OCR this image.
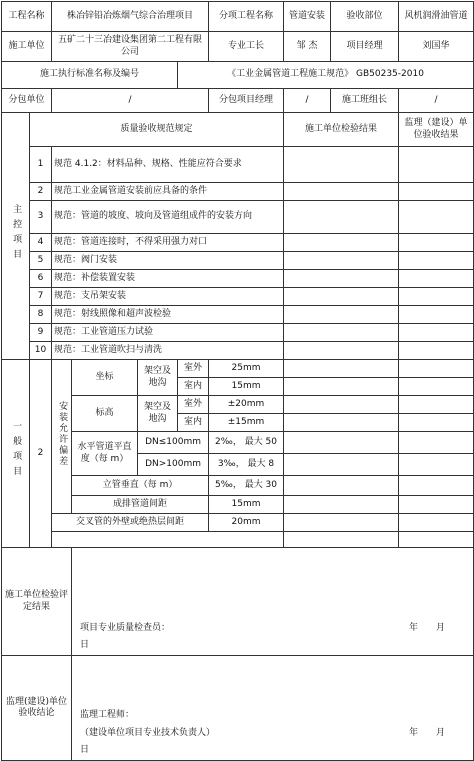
工程名称		株冶锌铅冶炼烟气综合治理项目				分项工程名称	管道安装	验收部位	风机润滑油管道
施工单位		五矿二十三冶建设集团第二工程有限公司				专业工长	邹 杰	项目经理	刘国华
施工执行标准名称及编号					《工业金属管道工程施工规范》 GB50235-2010				
分包单位		/				分包项目经理	/	施工班组长	/
主控项目	质量验收规范规定						施工单位检验结果		监理（建设）单位验收结果
	1	规范 4.1.2：材料品种、规格、性能应符合要求							
	2	规范工业金属管道安装前应具备的条件							
	3	规范：管道的坡度、坡向及管道组成件的安装方向							
	4	规范：管道连接时，不得采用强力对口							
	5	规范：阀门安装							
	6	规范：补偿装置安装							
	7	规范：支吊架安装							
	8	规范：射线照像和超声波检验							
	9	规范：工业管道压力试验							
	10	规范：工业管道吹扫与清洗							
一般项目	2	安装允许偏差	坐标	架空及地沟	室外	25mm			
					室内	15mm			
			标高	架空及地沟	室外	±20mm			
					室内	±15mm			
			水平管道平直度（每 m）	DN≤100mm		2‰， 最大 50			
				DN>100mm		3‰， 最大 8			
			立管垂直（每 m）			5‰， 最大 30			
			成排管道间距			15mm			
		交叉管的外壁或绝热层间距				20mm			

施工单位检验评定结果			项目专业质量检查员： 年 月
日						

监理(建设)单位验收结论			监理工程师：
（建设单位项目专业技术负责人） 年 月
日						
